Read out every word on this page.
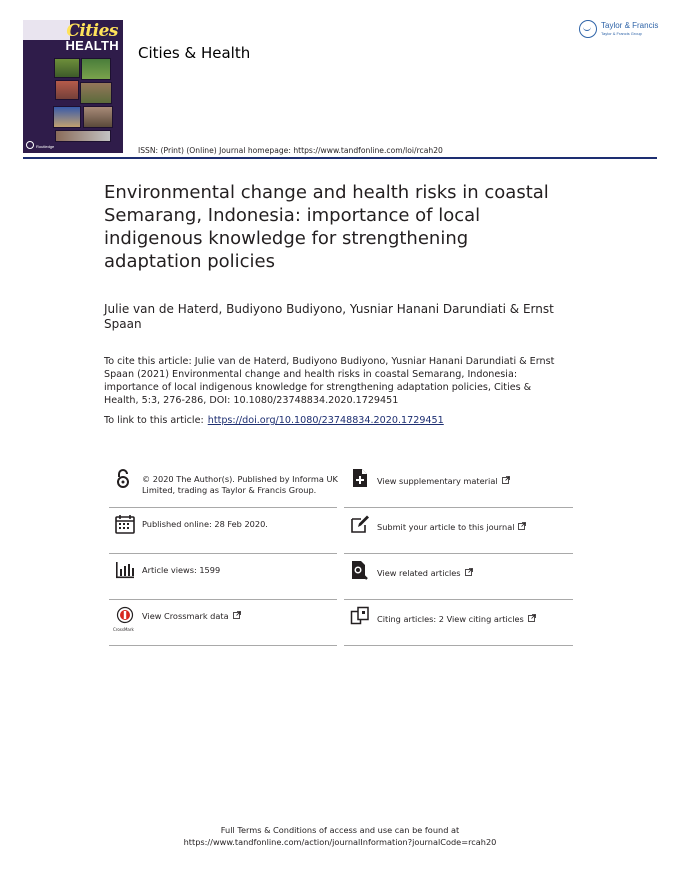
Cities
HEALTH
Routledge
Cities & Health
Taylor & Francis
Taylor & Francis Group
ISSN: (Print) (Online) Journal homepage: https://www.tandfonline.com/loi/rcah20
Environmental change and health risks in coastal Semarang, Indonesia: importance of local indigenous knowledge for strengthening adaptation policies
Julie van de Haterd, Budiyono Budiyono, Yusniar Hanani Darundiati & Ernst Spaan
To cite this article: Julie van de Haterd, Budiyono Budiyono, Yusniar Hanani Darundiati & Ernst Spaan (2021) Environmental change and health risks in coastal Semarang, Indonesia: importance of local indigenous knowledge for strengthening adaptation policies, Cities & Health, 5:3, 276-286, DOI: 10.1080/23748834.2020.1729451
To link to this article: https://doi.org/10.1080/23748834.2020.1729451
© 2020 The Author(s). Published by Informa UK Limited, trading as Taylor & Francis Group.
Published online: 28 Feb 2020.
Article views: 1599
CrossMark
View Crossmark data
View supplementary material
Submit your article to this journal
View related articles
Citing articles: 2 View citing articles
Full Terms & Conditions of access and use can be found at
https://www.tandfonline.com/action/journalInformation?journalCode=rcah20
